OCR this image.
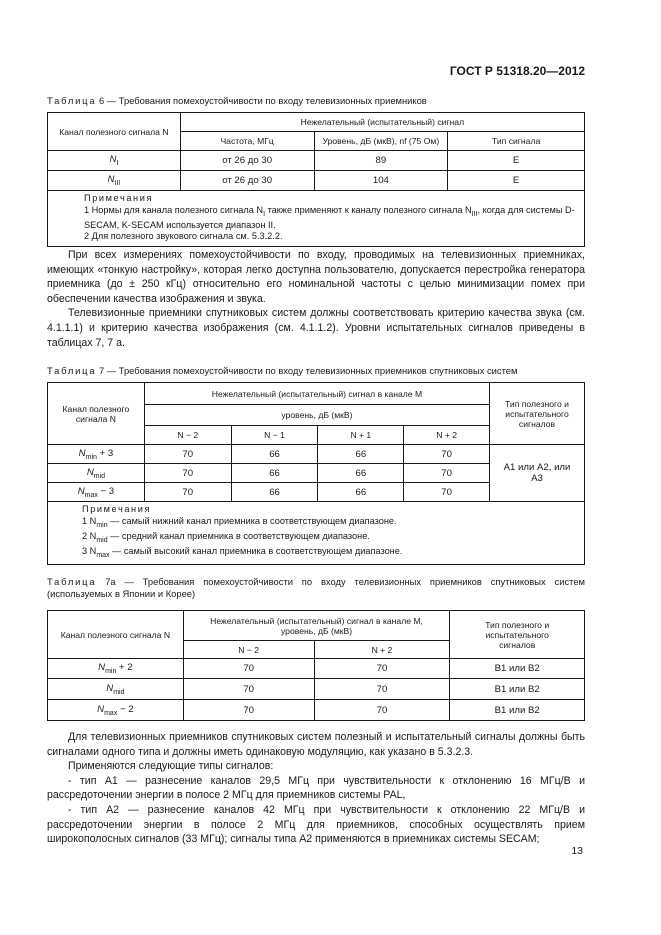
ГОСТ Р 51318.20—2012
Таблица 6 — Требования помехоустойчивости по входу телевизионных приемников
Канал полезного сигнала N	Нежелательный (испытательный) сигнал		
	Частота, МГц	Уровень, дБ (мкВ), nf (75 Ом)	Тип сигнала
$N_I$	от 26 до 30	89	E
$N_{III}$	от 26 до 30	104	E

Примечания
1 Нормы для канала полезного сигнала $N_I$ также применяют к каналу полезного сигнала $N_{III}$, когда для системы D-SECAM, K-SECAM используется диапазон II.
2 Для полезного звукового сигнала см. 5.3.2.2.			

При всех измерениях помехоустойчивости по входу, проводимых на телевизионных приемниках, имеющих «тонкую настройку», которая легко доступна пользователю, допускается перестройка генератора приемника (до ± 250 кГц) относительно его номинальной частоты с целью минимизации помех при обеспечении качества изображения и звука.

Телевизионные приемники спутниковых систем должны соответствовать критерию качества звука (см. 4.1.1.1) и критерию качества изображения (см. 4.1.1.2). Уровни испытательных сигналов приведены в таблицах 7, 7 а.

Таблица 7 — Требования помехоустойчивости по входу телевизионных приемников спутниковых систем
Канал полезного сигнала N	Нежелательный (испытательный) сигнал в канале M				Тип полезного и испытательного сигналов
	уровень, дБ (мкВ)				
	N − 2	N − 1	N + 1	N + 2	
$N_{min} + 3$	70	66	66	70	А1 или А2, или А3

$N_{mid}$	70	66	66	70	
$N_{max} - 3$	70	66	66	70	

Примечания
1 $N_{min}$ — самый нижний канал приемника в соответствующем диапазоне.
2 $N_{mid}$ — средний канал приемника в соответствующем диапазоне.
3 $N_{max}$ — самый высокий канал приемника в соответствующем диапазоне.					
Таблица 7а — Требования помехоустойчивости по входу телевизионных приемников спутниковых систем (используемых в Японии и Корее)
Канал полезного сигнала N	Нежелательный (испытательный) сигнал в канале M, уровень, дБ (мкВ)		Тип полезного и испытательного сигналов

	N − 2	N + 2	
$N_{min} + 2$	70	70	В1 или В2
$N_{mid}$	70	70	В1 или В2
$N_{max} - 2$	70	70	В1 или В2

Для телевизионных приемников спутниковых систем полезный и испытательный сигналы должны быть сигналами одного типа и должны иметь одинаковую модуляцию, как указано в 5.3.2.3.

Применяются следующие типы сигналов:

- тип А1 — разнесение каналов 29,5 МГц при чувствительности к отклонению 16 МГц/В и рассредоточении энергии в полосе 2 МГц для приемников системы PAL,

- тип А2 — разнесение каналов 42 МГц при чувствительности к отклонению 22 МГц/В и рассредоточении энергии в полосе 2 МГц для приемников, способных осуществлять прием широкополосных сигналов (33 МГц); сигналы типа А2 применяются в приемниках системы SECAM;

13
